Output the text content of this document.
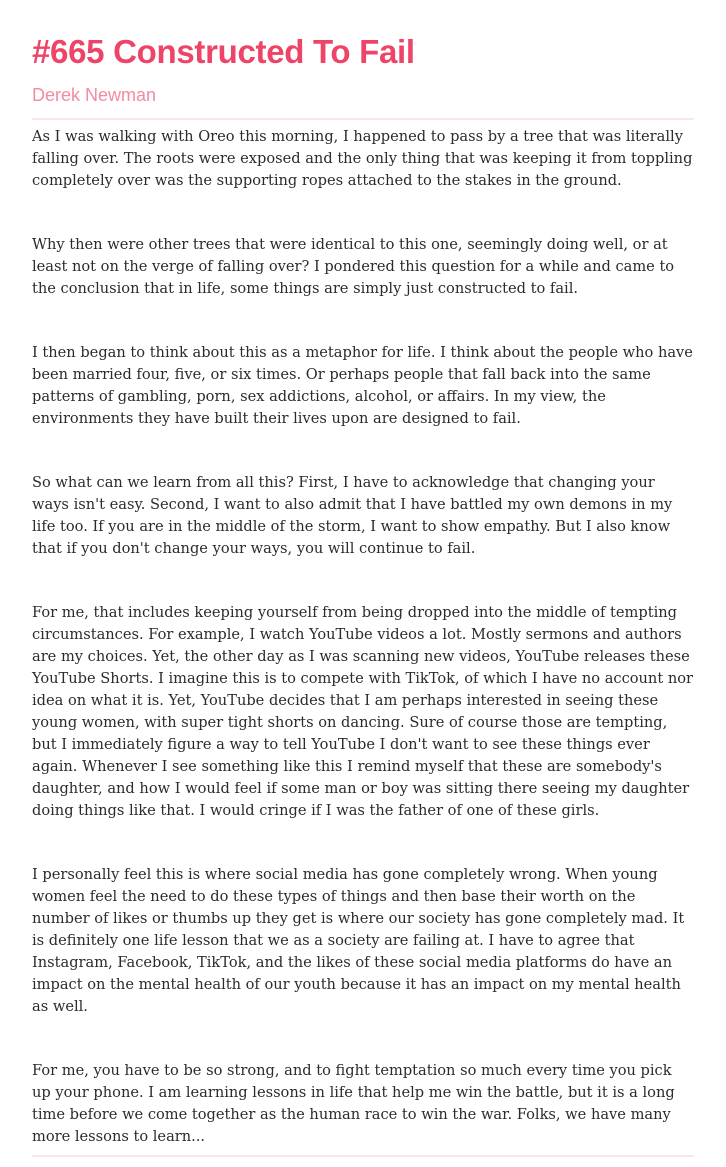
#665 Constructed To Fail
Derek Newman

As I was walking with Oreo this morning, I happened to pass by a tree that was literally falling over. The roots were exposed and the only thing that was keeping it from toppling completely over was the supporting ropes attached to the stakes in the ground.

Why then were other trees that were identical to this one, seemingly doing well, or at least not on the verge of falling over? I pondered this question for a while and came to the conclusion that in life, some things are simply just constructed to fail.

I then began to think about this as a metaphor for life. I think about the people who have been married four, five, or six times. Or perhaps people that fall back into the same patterns of gambling, porn, sex addictions, alcohol, or affairs. In my view, the environments they have built their lives upon are designed to fail.

So what can we learn from all this? First, I have to acknowledge that changing your ways isn't easy. Second, I want to also admit that I have battled my own demons in my life too. If you are in the middle of the storm, I want to show empathy. But I also know that if you don't change your ways, you will continue to fail.

For me, that includes keeping yourself from being dropped into the middle of tempting circumstances. For example, I watch YouTube videos a lot. Mostly sermons and authors are my choices. Yet, the other day as I was scanning new videos, YouTube releases these YouTube Shorts. I imagine this is to compete with TikTok, of which I have no account nor idea on what it is. Yet, YouTube decides that I am perhaps interested in seeing these young women, with super tight shorts on dancing. Sure of course those are tempting, but I immediately figure a way to tell YouTube I don't want to see these things ever again. Whenever I see something like this I remind myself that these are somebody's daughter, and how I would feel if some man or boy was sitting there seeing my daughter doing things like that. I would cringe if I was the father of one of these girls.

I personally feel this is where social media has gone completely wrong. When young women feel the need to do these types of things and then base their worth on the number of likes or thumbs up they get is where our society has gone completely mad. It is definitely one life lesson that we as a society are failing at. I have to agree that Instagram, Facebook, TikTok, and the likes of these social media platforms do have an impact on the mental health of our youth because it has an impact on my mental health as well.

For me, you have to be so strong, and to fight temptation so much every time you pick up your phone. I am learning lessons in life that help me win the battle, but it is a long time before we come together as the human race to win the war. Folks, we have many more lessons to learn...
